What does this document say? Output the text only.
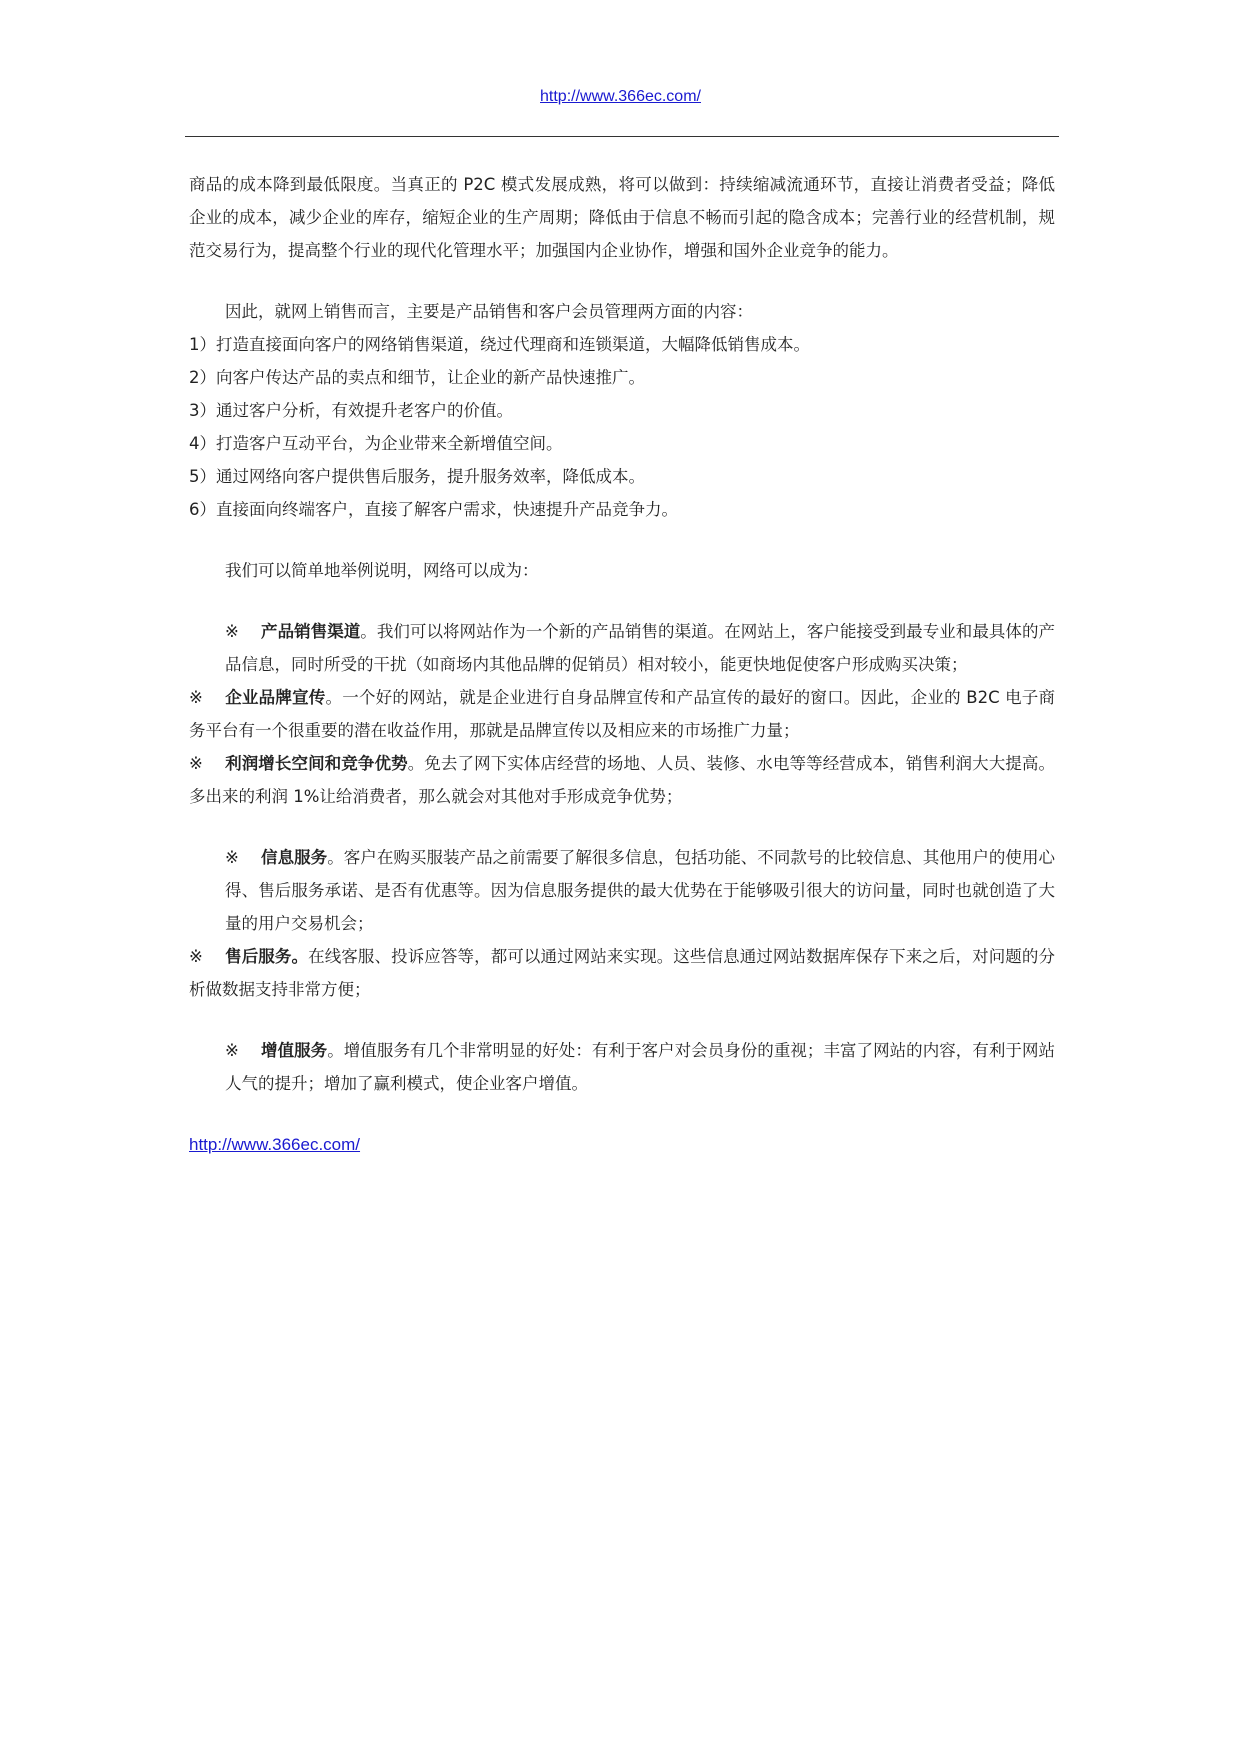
http://www.366ec.com/

商品的成本降到最低限度。当真正的 P2C 模式发展成熟，将可以做到：持续缩减流通环节，直接让消费者受益；降低企业的成本，减少企业的库存，缩短企业的生产周期；降低由于信息不畅而引起的隐含成本；完善行业的经营机制，规范交易行为，提高整个行业的现代化管理水平；加强国内企业协作，增强和国外企业竞争的能力。

因此，就网上销售而言，主要是产品销售和客户会员管理两方面的内容：

1）打造直接面向客户的网络销售渠道，绕过代理商和连锁渠道，大幅降低销售成本。

2）向客户传达产品的卖点和细节，让企业的新产品快速推广。

3）通过客户分析，有效提升老客户的价值。

4）打造客户互动平台，为企业带来全新增值空间。

5）通过网络向客户提供售后服务，提升服务效率，降低成本。

6）直接面向终端客户，直接了解客户需求，快速提升产品竞争力。

我们可以简单地举例说明，网络可以成为：

※ 产品销售渠道。我们可以将网站作为一个新的产品销售的渠道。在网站上，客户能接受到最专业和最具体的产品信息，同时所受的干扰（如商场内其他品牌的促销员）相对较小，能更快地促使客户形成购买决策；

※ 企业品牌宣传。一个好的网站，就是企业进行自身品牌宣传和产品宣传的最好的窗口。因此，企业的 B2C 电子商务平台有一个很重要的潜在收益作用，那就是品牌宣传以及相应来的市场推广力量；

※ 利润增长空间和竞争优势。免去了网下实体店经营的场地、人员、装修、水电等等经营成本，销售利润大大提高。多出来的利润 1%让给消费者，那么就会对其他对手形成竞争优势；

※ 信息服务。客户在购买服装产品之前需要了解很多信息，包括功能、不同款号的比较信息、其他用户的使用心得、售后服务承诺、是否有优惠等。因为信息服务提供的最大优势在于能够吸引很大的访问量，同时也就创造了大量的用户交易机会；

※ 售后服务。在线客服、投诉应答等，都可以通过网站来实现。这些信息通过网站数据库保存下来之后，对问题的分析做数据支持非常方便；

※ 增值服务。增值服务有几个非常明显的好处：有利于客户对会员身份的重视；丰富了网站的内容，有利于网站人气的提升；增加了赢利模式，使企业客户增值。

http://www.366ec.com/
